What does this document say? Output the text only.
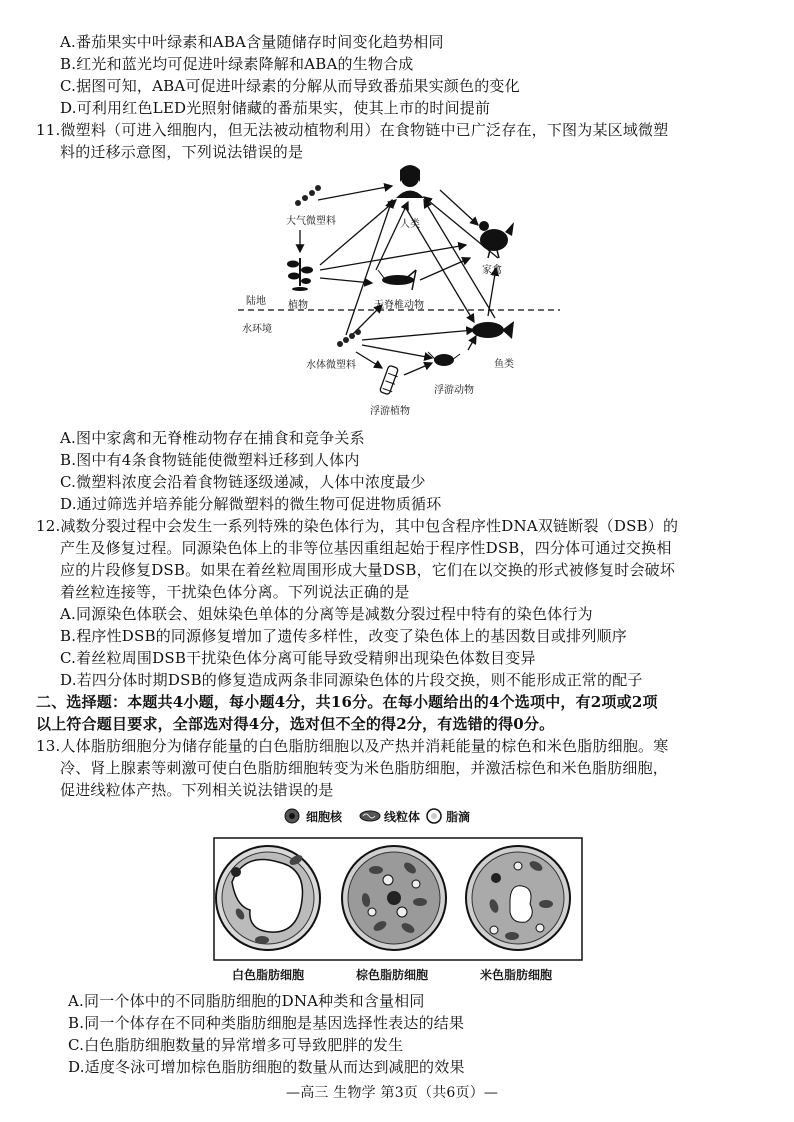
A.番茄果实中叶绿素和ABA含量随储存时间变化趋势相同
B.红光和蓝光均可促进叶绿素降解和ABA的生物合成
C.据图可知，ABA可促进叶绿素的分解从而导致番茄果实颜色的变化
D.可利用红色LED光照射储藏的番茄果实，使其上市的时间提前
11.微塑料（可进入细胞内，但无法被动植物利用）在食物链中已广泛存在，下图为某区域微塑
料的迁移示意图，下列说法错误的是
大气微塑料	人类
家禽
植物	无脊椎动物
陆地
水环境
水体微塑料	鱼类
浮游动物
浮游植物
A.图中家禽和无脊椎动物存在捕食和竞争关系
B.图中有4条食物链能使微塑料迁移到人体内
C.微塑料浓度会沿着食物链逐级递减，人体中浓度最少
D.通过筛选并培养能分解微塑料的微生物可促进物质循环
12.减数分裂过程中会发生一系列特殊的染色体行为，其中包含程序性DNA双链断裂（DSB）的
产生及修复过程。同源染色体上的非等位基因重组起始于程序性DSB，四分体可通过交换相
应的片段修复DSB。如果在着丝粒周围形成大量DSB，它们在以交换的形式被修复时会破坏
着丝粒连接等，干扰染色体分离。下列说法正确的是
A.同源染色体联会、姐妹染色单体的分离等是减数分裂过程中特有的染色体行为
B.程序性DSB的同源修复增加了遗传多样性，改变了染色体上的基因数目或排列顺序
C.着丝粒周围DSB干扰染色体分离可能导致受精卵出现染色体数目变异
D.若四分体时期DSB的修复造成两条非同源染色体的片段交换，则不能形成正常的配子
二、选择题：本题共4小题，每小题4分，共16分。在每小题给出的4个选项中，有2项或2项
以上符合题目要求，全部选对得4分，选对但不全的得2分，有选错的得0分。
13.人体脂肪细胞分为储存能量的白色脂肪细胞以及产热并消耗能量的棕色和米色脂肪细胞。寒
冷、肾上腺素等刺激可使白色脂肪细胞转变为米色脂肪细胞，并激活棕色和米色脂肪细胞，
促进线粒体产热。下列相关说法错误的是
细胞核	线粒体 脂滴
白色脂肪细胞	棕色脂肪细胞	米色脂肪细胞
A.同一个体中的不同脂肪细胞的DNA种类和含量相同
B.同一个体存在不同种类脂肪细胞是基因选择性表达的结果
C.白色脂肪细胞数量的异常增多可导致肥胖的发生
D.适度冬泳可增加棕色脂肪细胞的数量从而达到减肥的效果
—高三 生物学 第3页（共6页）—
